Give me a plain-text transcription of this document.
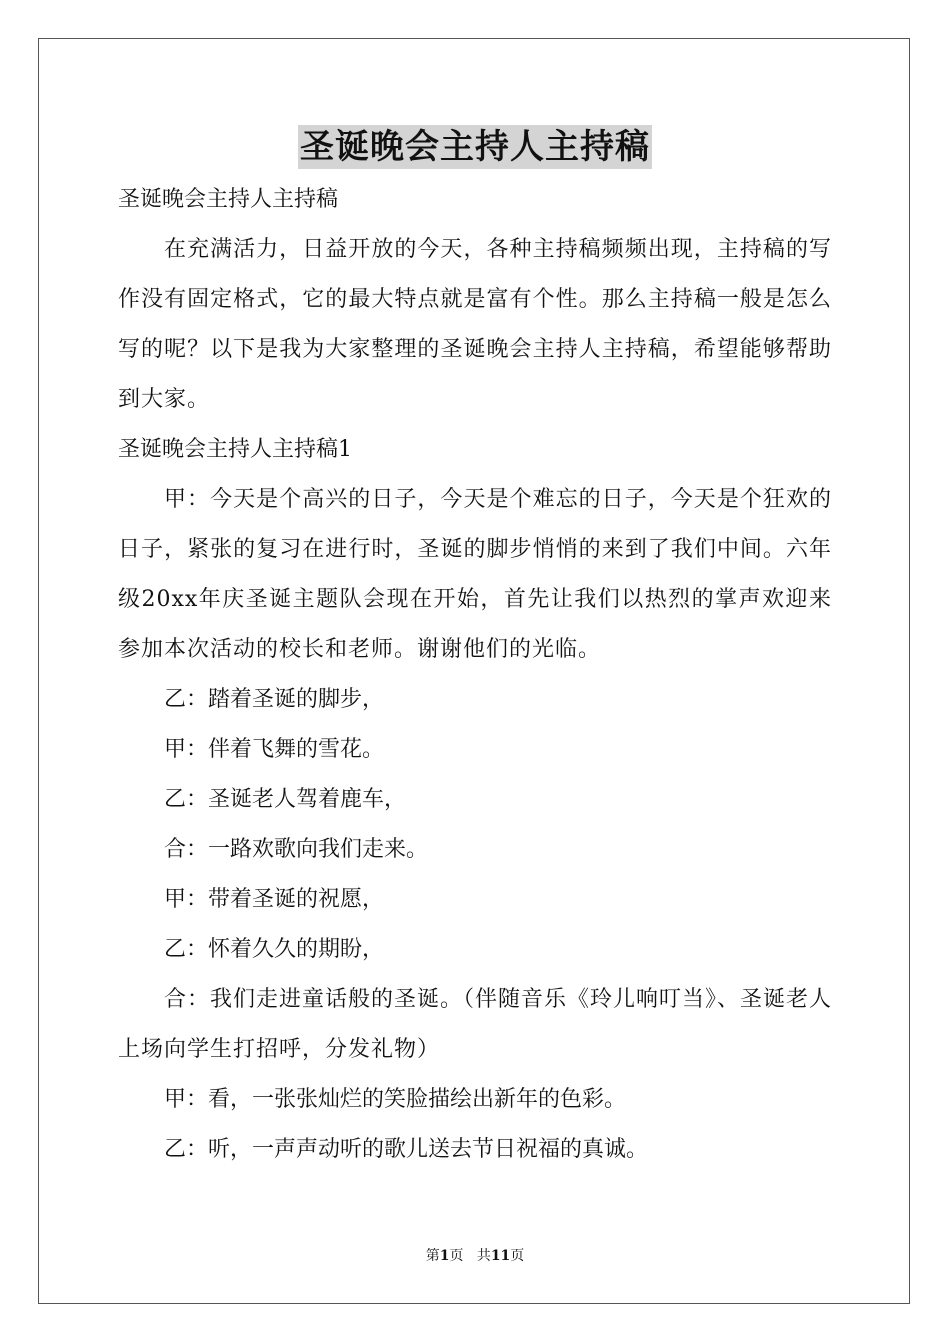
圣诞晚会主持人主持稿
圣诞晚会主持人主持稿
在充满活力，日益开放的今天，各种主持稿频频出现，主持稿的写作没有固定格式，它的最大特点就是富有个性。那么主持稿一般是怎么写的呢？以下是我为大家整理的圣诞晚会主持人主持稿，希望能够帮助到大家。
圣诞晚会主持人主持稿1
甲：今天是个高兴的日子，今天是个难忘的日子，今天是个狂欢的日子，紧张的复习在进行时，圣诞的脚步悄悄的来到了我们中间。六年级20xx年庆圣诞主题队会现在开始，首先让我们以热烈的掌声欢迎来参加本次活动的校长和老师。谢谢他们的光临。
乙：踏着圣诞的脚步，
甲：伴着飞舞的雪花。
乙：圣诞老人驾着鹿车，
合：一路欢歌向我们走来。
甲：带着圣诞的祝愿，
乙：怀着久久的期盼，
合：我们走进童话般的圣诞。（伴随音乐《玲儿响叮当》、圣诞老人上场向学生打招呼，分发礼物）
甲：看，一张张灿烂的笑脸描绘出新年的色彩。
乙：听，一声声动听的歌儿送去节日祝福的真诚。
第1页 共11页
